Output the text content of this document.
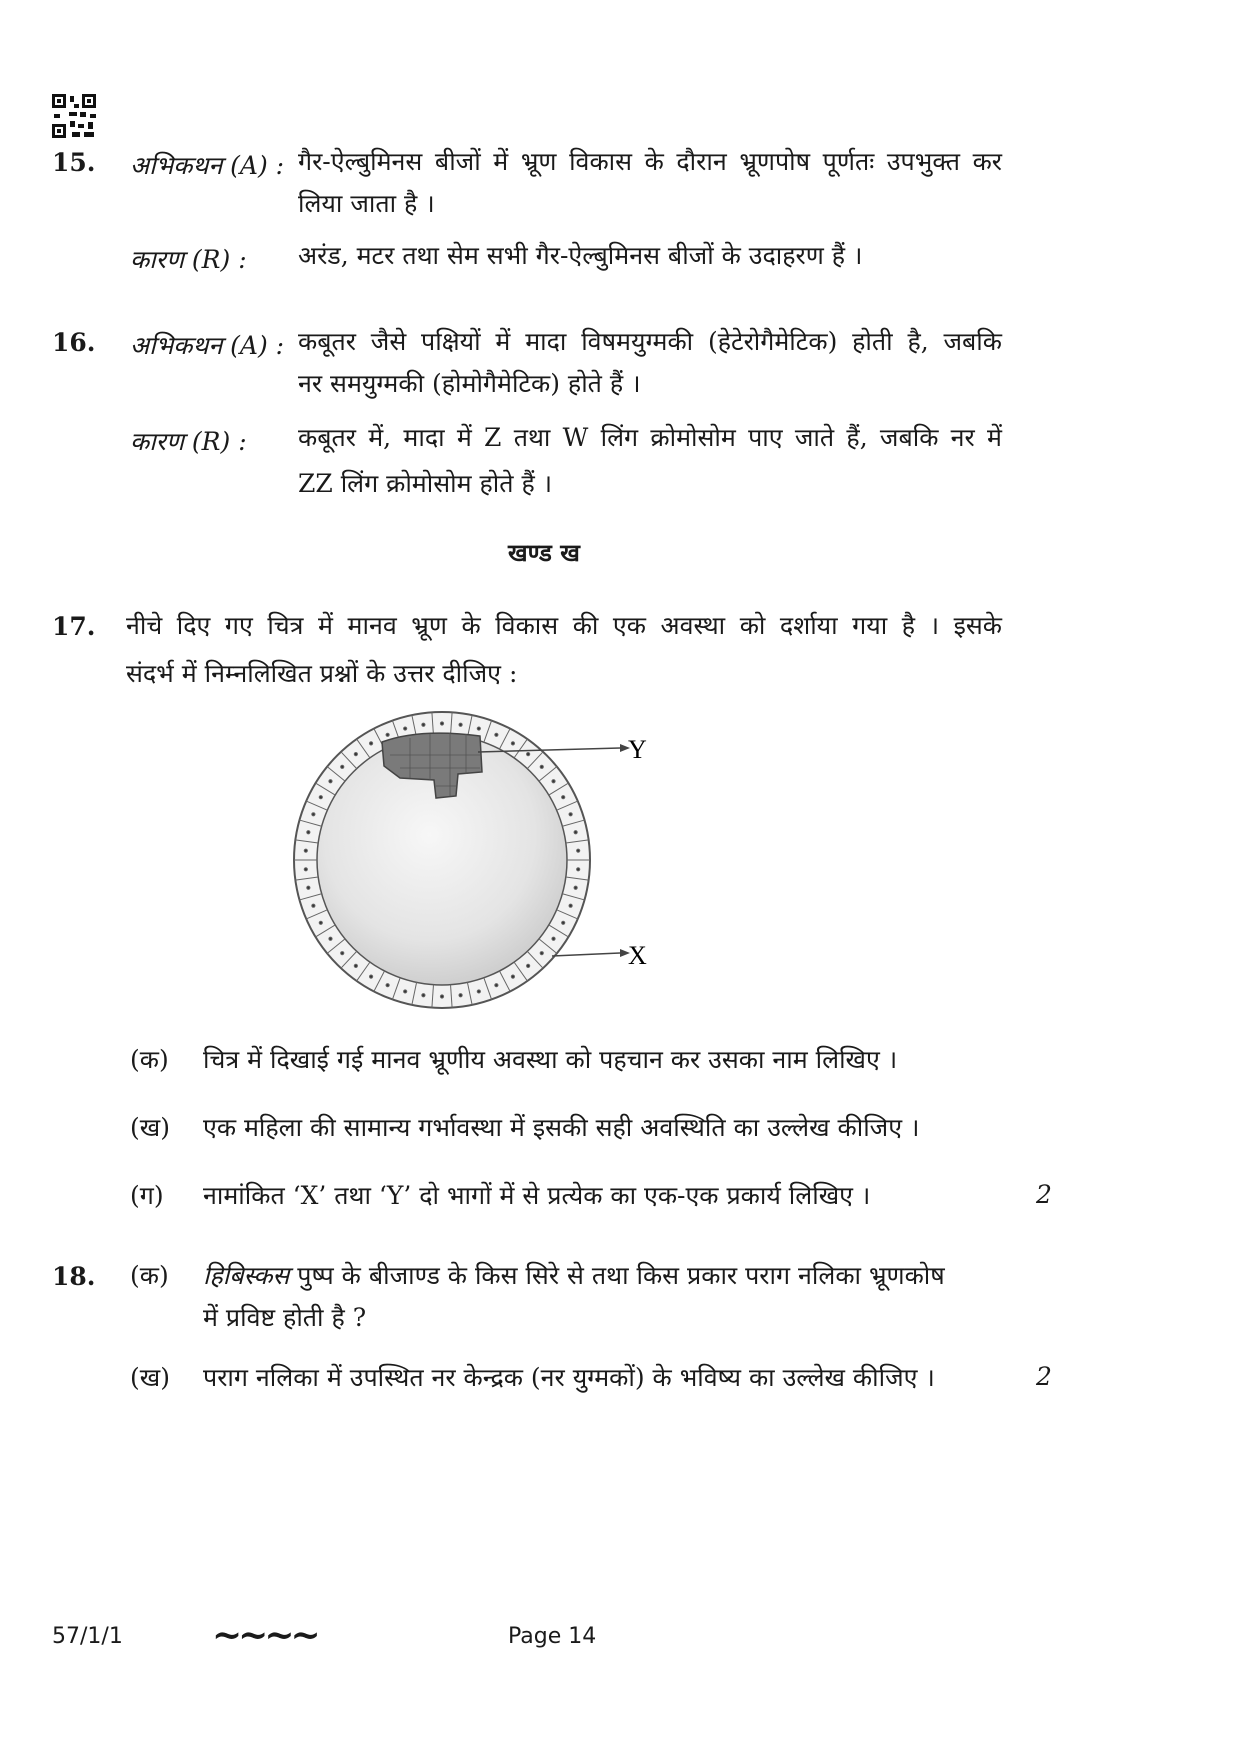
15. अभिकथन (A) : गैर-ऐल्बुमिनस बीजों में भ्रूण विकास के दौरान भ्रूणपोष पूर्णतः उपभुक्त कर
लिया जाता है ।
कारण (R) : अरंड, मटर तथा सेम सभी गैर-ऐल्बुमिनस बीजों के उदाहरण हैं ।
16. अभिकथन (A) : कबूतर जैसे पक्षियों में मादा विषमयुग्मकी (हेटेरोगैमेटिक) होती है, जबकि
नर समयुग्मकी (होमोगैमेटिक) होते हैं ।
कारण (R) : कबूतर में, मादा में Z तथा W लिंग क्रोमोसोम पाए जाते हैं, जबकि नर में
ZZ लिंग क्रोमोसोम होते हैं ।
खण्ड ख
17. नीचे दिए गए चित्र में मानव भ्रूण के विकास की एक अवस्था को दर्शाया गया है । इसके
संदर्भ में निम्नलिखित प्रश्नों के उत्तर दीजिए :
Y
X
(क) चित्र में दिखाई गई मानव भ्रूणीय अवस्था को पहचान कर उसका नाम लिखिए ।
(ख) एक महिला की सामान्य गर्भावस्था में इसकी सही अवस्थिति का उल्लेख कीजिए ।
(ग) नामांकित ‘X’ तथा ‘Y’ दो भागों में से प्रत्येक का एक-एक प्रकार्य लिखिए ।	2
18. (क) हिबिस्कस पुष्प के बीजाण्ड के किस सिरे से तथा किस प्रकार पराग नलिका भ्रूणकोष
में प्रविष्ट होती है ?
(ख) पराग नलिका में उपस्थित नर केन्द्रक (नर युग्मकों) के भविष्य का उल्लेख कीजिए ।	2
57/1/1 ~~~~	Page 14
